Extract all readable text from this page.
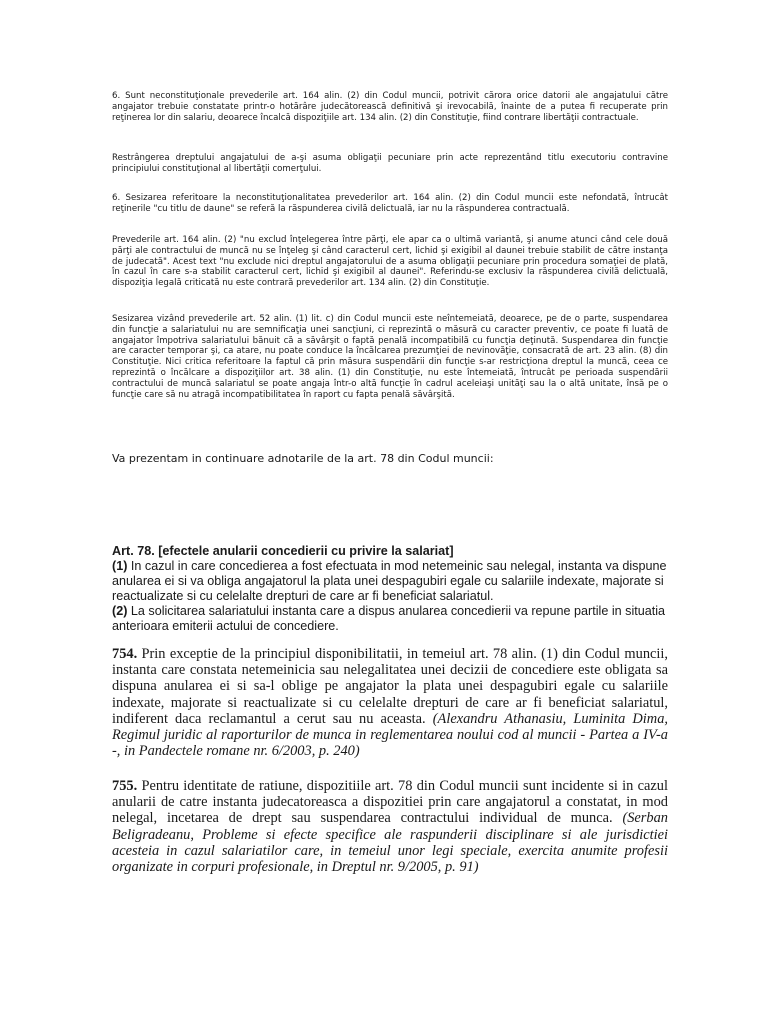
6. Sunt neconstituţionale prevederile art. 164 alin. (2) din Codul muncii, potrivit cărora orice datorii ale angajatului către angajator trebuie constatate printr-o hotărâre judecătorească definitivă şi irevocabilă, înainte de a putea fi recuperate prin reţinerea lor din salariu, deoarece încalcă dispoziţiile art. 134 alin. (2) din Constituţie, fiind contrare libertăţii contractuale.

Restrângerea dreptului angajatului de a-şi asuma obligaţii pecuniare prin acte reprezentând titlu executoriu contravine principiului constituţional al libertăţii comerţului.

6. Sesizarea referitoare la neconstituţionalitatea prevederilor art. 164 alin. (2) din Codul muncii este nefondată, întrucât reţinerile "cu titlu de daune" se referă la răspunderea civilă delictuală, iar nu la răspunderea contractuală.

Prevederile art. 164 alin. (2) "nu exclud înţelegerea între părţi, ele apar ca o ultimă variantă, şi anume atunci când cele două părţi ale contractului de muncă nu se înţeleg şi când caracterul cert, lichid şi exigibil al daunei trebuie stabilit de către instanţa de judecată". Acest text "nu exclude nici dreptul angajatorului de a asuma obligaţii pecuniare prin procedura somaţiei de plată, în cazul în care s-a stabilit caracterul cert, lichid şi exigibil al daunei". Referindu-se exclusiv la răspunderea civilă delictuală, dispoziţia legală criticată nu este contrară prevederilor art. 134 alin. (2) din Constituţie.

Sesizarea vizând prevederile art. 52 alin. (1) lit. c) din Codul muncii este neîntemeiată, deoarece, pe de o parte, suspendarea din funcţie a salariatului nu are semnificaţia unei sancţiuni, ci reprezintă o măsură cu caracter preventiv, ce poate fi luată de angajator împotriva salariatului bănuit că a săvârşit o faptă penală incompatibilă cu funcţia deţinută. Suspendarea din funcţie are caracter temporar şi, ca atare, nu poate conduce la încălcarea prezumţiei de nevinovăţie, consacrată de art. 23 alin. (8) din Constituţie. Nici critica referitoare la faptul că prin măsura suspendării din funcţie s-ar restricţiona dreptul la muncă, ceea ce reprezintă o încălcare a dispoziţiilor art. 38 alin. (1) din Constituţie, nu este întemeiată, întrucât pe perioada suspendării contractului de muncă salariatul se poate angaja într-o altă funcţie în cadrul aceleiaşi unităţi sau la o altă unitate, însă pe o funcţie care să nu atragă incompatibilitatea în raport cu fapta penală săvârşită.

Va prezentam in continuare adnotarile de la art. 78 din Codul muncii:

Art. 78. [efectele anularii concedierii cu privire la salariat]
(1) In cazul in care concedierea a fost efectuata in mod netemeinic sau nelegal, instanta va dispune anularea ei si va obliga angajatorul la plata unei despagubiri egale cu salariile indexate, majorate si reactualizate si cu celelalte drepturi de care ar fi beneficiat salariatul.
(2) La solicitarea salariatului instanta care a dispus anularea concedierii va repune partile in situatia anterioara emiterii actului de concediere.

754. Prin exceptie de la principiul disponibilitatii, in temeiul art. 78 alin. (1) din Codul muncii, instanta care constata netemeinicia sau nelegalitatea unei decizii de concediere este obligata sa dispuna anularea ei si sa-l oblige pe angajator la plata unei despagubiri egale cu salariile indexate, majorate si reactualizate si cu celelalte drepturi de care ar fi beneficiat salariatul, indiferent daca reclamantul a cerut sau nu aceasta. (Alexandru Athanasiu, Luminita Dima, Regimul juridic al raporturilor de munca in reglementarea noului cod al muncii - Partea a IV-a -, in Pandectele romane nr. 6/2003, p. 240)

755. Pentru identitate de ratiune, dispozitiile art. 78 din Codul muncii sunt incidente si in cazul anularii de catre instanta judecatoreasca a dispozitiei prin care angajatorul a constatat, in mod nelegal, incetarea de drept sau suspendarea contractului individual de munca. (Serban Beligradeanu, Probleme si efecte specifice ale raspunderii disciplinare si ale jurisdictiei acesteia in cazul salariatilor care, in temeiul unor legi speciale, exercita anumite profesii organizate in corpuri profesionale, in Dreptul nr. 9/2005, p. 91)
